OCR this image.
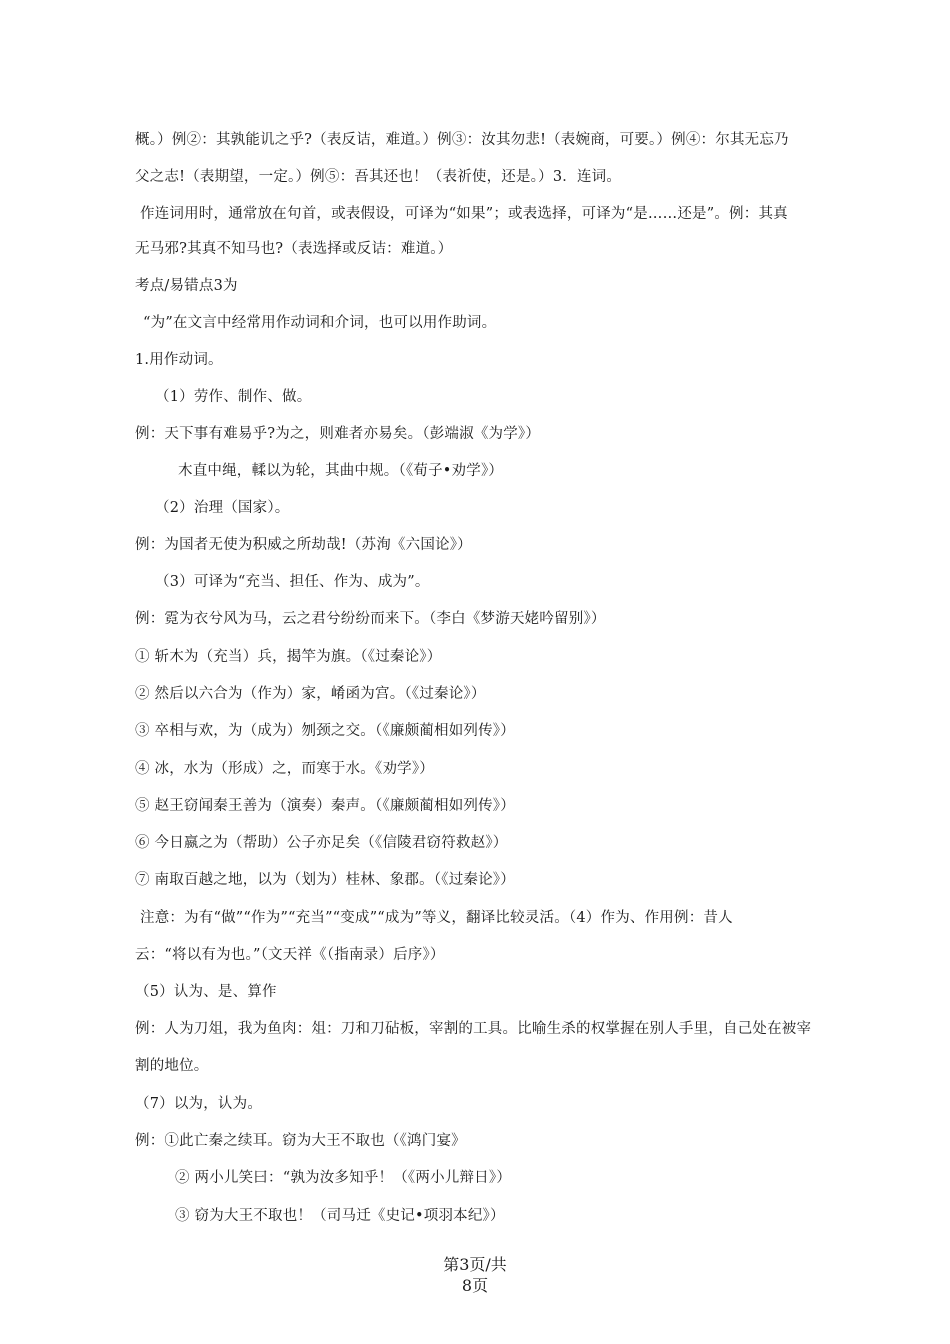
概。）例②：其孰能讥之乎?（表反诘，难道。）例③：汝其勿悲!（表婉商，可要。）例④：尔其无忘乃
父之志!（表期望，一定。）例⑤：吾其还也！（表祈使，还是。）3．连词。
作连词用时，通常放在句首，或表假设，可译为“如果”；或表选择，可译为“是……还是”。例：其真
无马邪?其真不知马也?（表选择或反诘：难道。）
考点/易错点3为
“为”在文言中经常用作动词和介词，也可以用作助词。
1.用作动词。
（1）劳作、制作、做。
例：天下事有难易乎?为之，则难者亦易矣。（彭端淑《为学》）
木直中绳，輮以为轮，其曲中规。（《荀子•劝学》）
（2）治理（国家）。
例：为国者无使为积威之所劫哉!（苏洵《六国论》）
（3）可译为“充当、担任、作为、成为”。
例：霓为衣兮风为马，云之君兮纷纷而来下。（李白《梦游天姥吟留别》）
① 斩木为（充当）兵，揭竿为旗。（《过秦论》）
② 然后以六合为（作为）家，崤函为宫。（《过秦论》）
③ 卒相与欢，为（成为）刎颈之交。（《廉颇蔺相如列传》）
④ 冰，水为（形成）之，而寒于水。《劝学》）
⑤ 赵王窃闻秦王善为（演奏）秦声。（《廉颇蔺相如列传》）
⑥ 今日嬴之为（帮助）公子亦足矣（《信陵君窃符救赵》）
⑦ 南取百越之地，以为（划为）桂林、象郡。（《过秦论》）
注意：为有“做”“作为”“充当”“变成”“成为”等义，翻译比较灵活。（4）作为、作用例：昔人
云：“将以有为也。”（文天祥《（指南录）后序》）
（5）认为、是、算作
例：人为刀俎，我为鱼肉：俎：刀和刀砧板，宰割的工具。比喻生杀的权掌握在别人手里，自己处在被宰
割的地位。
（7）以为，认为。
例：①此亡秦之续耳。窃为大王不取也（《鸿门宴》
② 两小儿笑曰：“孰为汝多知乎！（《两小儿辩日》）
③ 窃为大王不取也！（司马迁《史记•项羽本纪》）
第3页/共
8页
